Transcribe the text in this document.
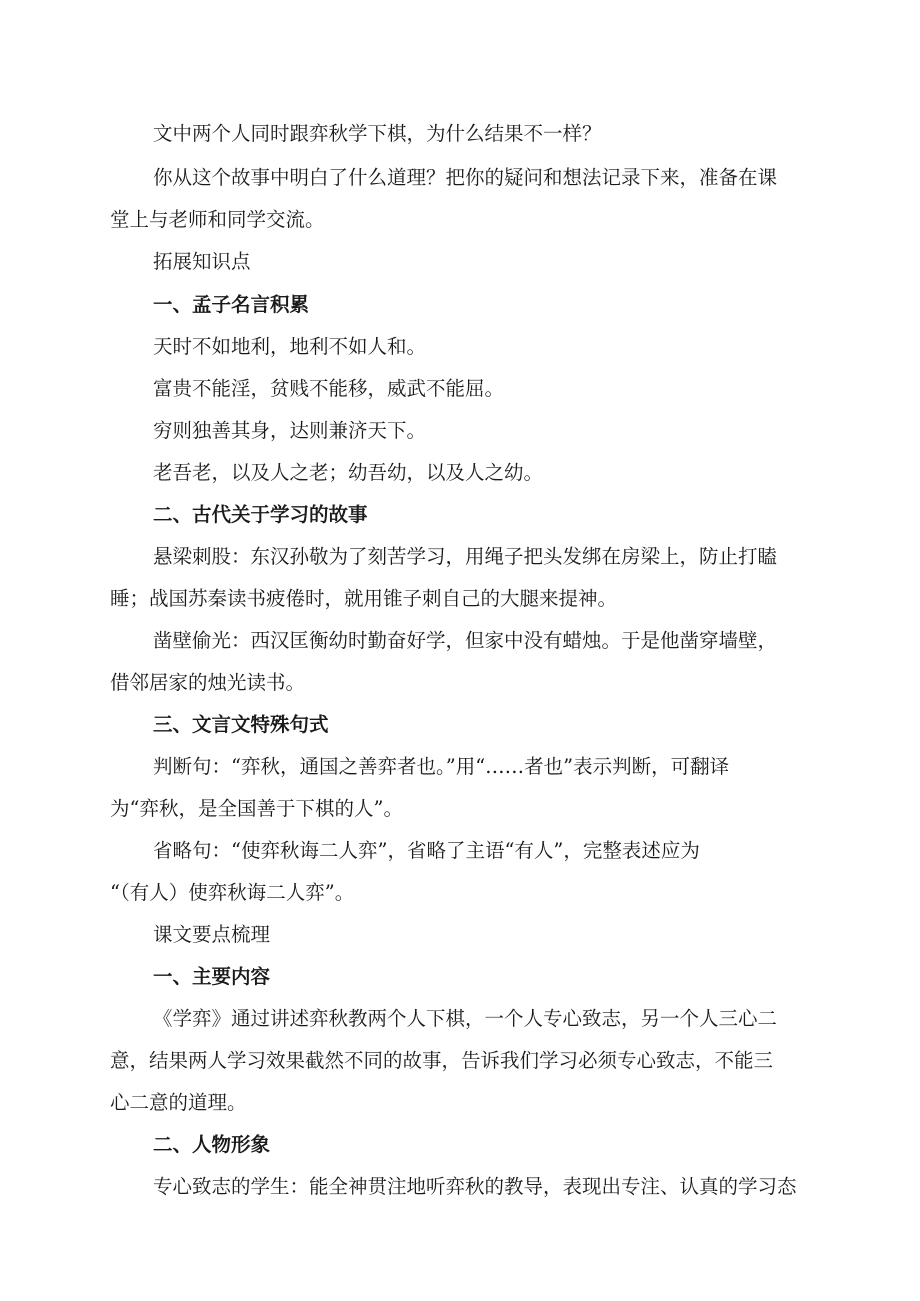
文中两个人同时跟弈秋学下棋，为什么结果不一样？

你从这个故事中明白了什么道理？把你的疑问和想法记录下来，准备在课

堂上与老师和同学交流。

拓展知识点

一、孟子名言积累

天时不如地利，地利不如人和。

富贵不能淫，贫贱不能移，威武不能屈。

穷则独善其身，达则兼济天下。

老吾老，以及人之老；幼吾幼，以及人之幼。

二、古代关于学习的故事

悬梁刺股：东汉孙敬为了刻苦学习，用绳子把头发绑在房梁上，防止打瞌

睡；战国苏秦读书疲倦时，就用锥子刺自己的大腿来提神。

凿壁偷光：西汉匡衡幼时勤奋好学，但家中没有蜡烛。于是他凿穿墙壁，

借邻居家的烛光读书。

三、文言文特殊句式

判断句：“弈秋，通国之善弈者也。”用“……者也”表示判断，可翻译

为“弈秋，是全国善于下棋的人”。

省略句：“使弈秋诲二人弈”，省略了主语“有人”，完整表述应为

“（有人）使弈秋诲二人弈”。

课文要点梳理

一、主要内容

《学弈》通过讲述弈秋教两个人下棋，一个人专心致志，另一个人三心二

意，结果两人学习效果截然不同的故事，告诉我们学习必须专心致志，不能三

心二意的道理。

二、人物形象

专心致志的学生：能全神贯注地听弈秋的教导，表现出专注、认真的学习态
